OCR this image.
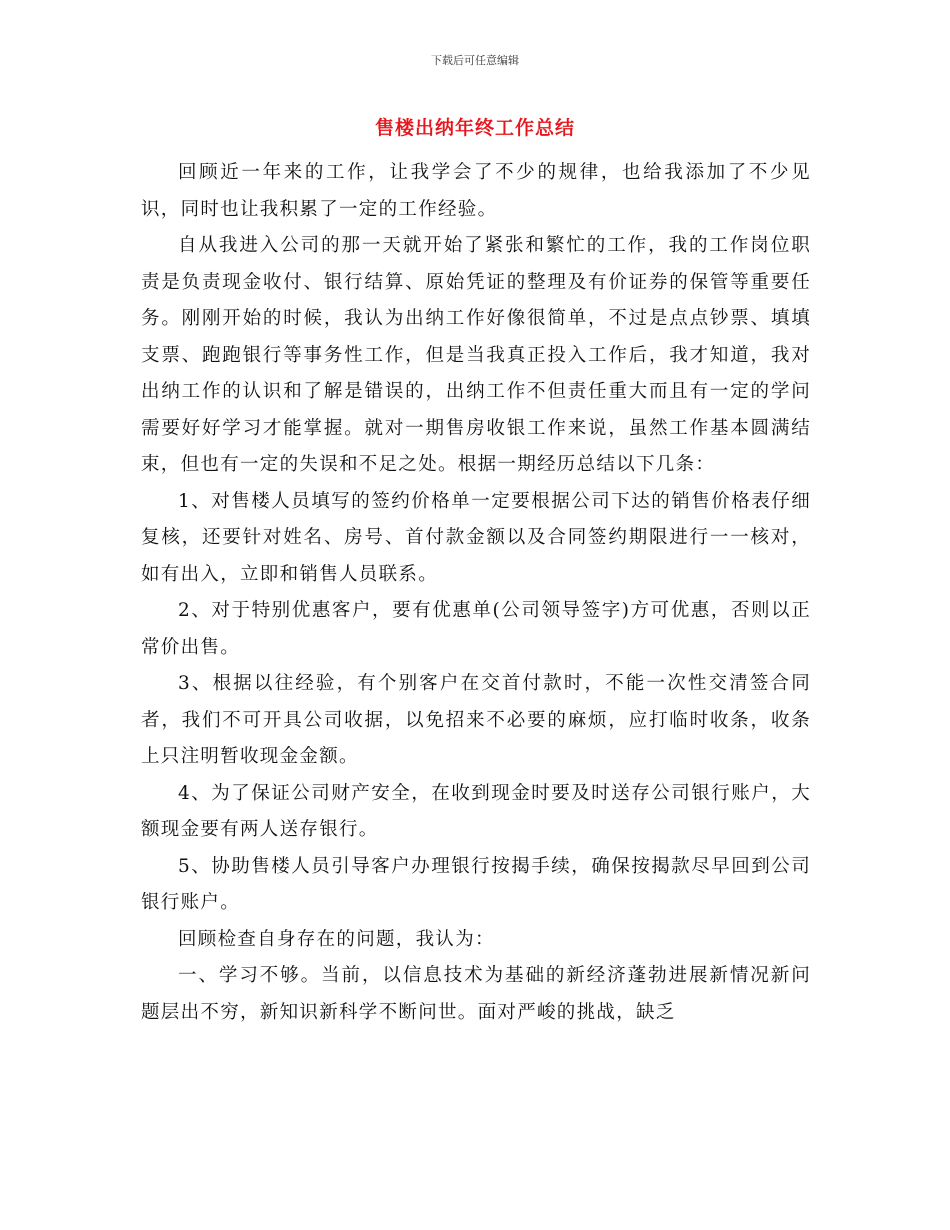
下载后可任意编辑
售楼出纳年终工作总结

回顾近一年来的工作，让我学会了不少的规律，也给我添加了不少见识，同时也让我积累了一定的工作经验。

自从我进入公司的那一天就开始了紧张和繁忙的工作，我的工作岗位职责是负责现金收付、银行结算、原始凭证的整理及有价证券的保管等重要任务。刚刚开始的时候，我认为出纳工作好像很简单，不过是点点钞票、填填支票、跑跑银行等事务性工作，但是当我真正投入工作后，我才知道，我对出纳工作的认识和了解是错误的，出纳工作不但责任重大而且有一定的学问需要好好学习才能掌握。就对一期售房收银工作来说，虽然工作基本圆满结束，但也有一定的失误和不足之处。根据一期经历总结以下几条：

1、对售楼人员填写的签约价格单一定要根据公司下达的销售价格表仔细复核，还要针对姓名、房号、首付款金额以及合同签约期限进行一一核对，如有出入，立即和销售人员联系。

2、对于特别优惠客户，要有优惠单(公司领导签字)方可优惠，否则以正常价出售。

3、根据以往经验，有个别客户在交首付款时，不能一次性交清签合同者，我们不可开具公司收据，以免招来不必要的麻烦，应打临时收条，收条上只注明暂收现金金额。

4、为了保证公司财产安全，在收到现金时要及时送存公司银行账户，大额现金要有两人送存银行。

5、协助售楼人员引导客户办理银行按揭手续，确保按揭款尽早回到公司银行账户。

回顾检查自身存在的问题，我认为：

一、学习不够。当前，以信息技术为基础的新经济蓬勃进展新情况新问题层出不穷，新知识新科学不断问世。面对严峻的挑战，缺乏
